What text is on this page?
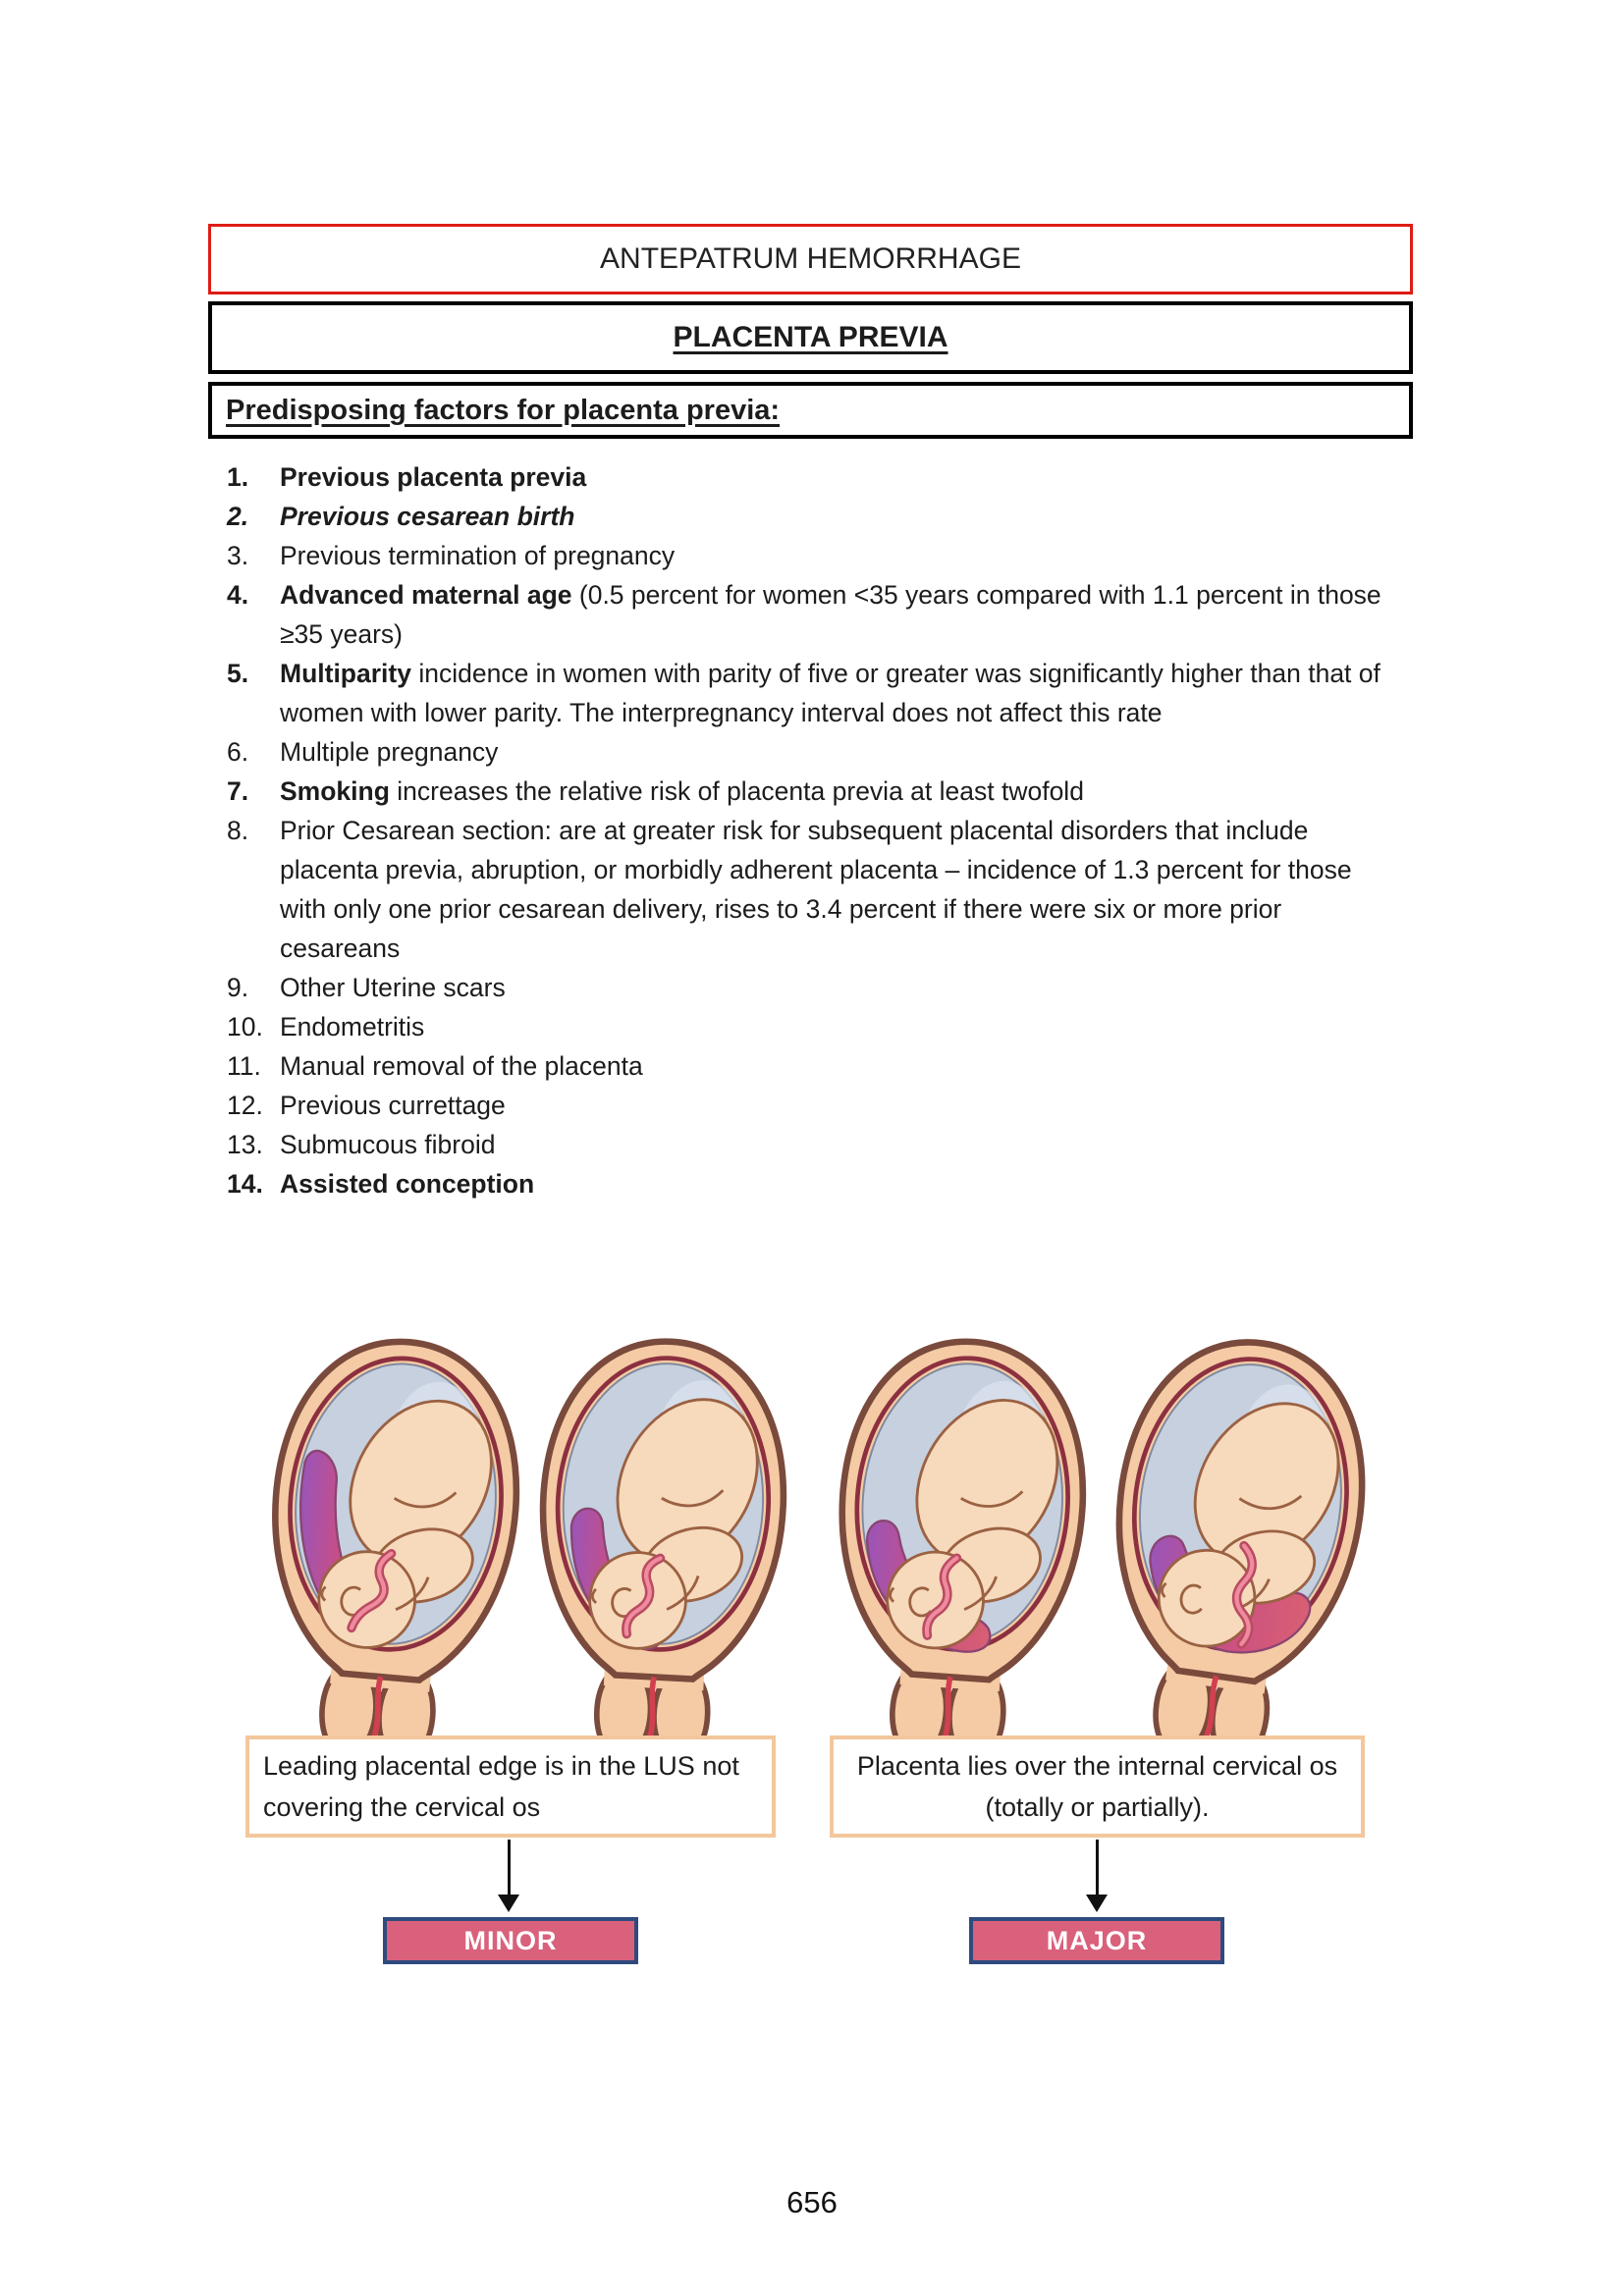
ANTEPATRUM HEMORRHAGE
PLACENTA PREVIA
Predisposing factors for placenta previa:
1.	Previous placenta previa
2.	Previous cesarean birth
3.	Previous termination of pregnancy
4.	Advanced maternal age (0.5 percent for women <35 years compared with 1.1 percent in those ≥35 years)
5.	Multiparity incidence in women with parity of five or greater was significantly higher than that of women with lower parity. The interpregnancy interval does not affect this rate
6.	Multiple pregnancy
7.	Smoking increases the relative risk of placenta previa at least twofold
8.	Prior Cesarean section: are at greater risk for subsequent placental disorders that include placenta previa, abruption, or morbidly adherent placenta – incidence of 1.3 percent for those with only one prior cesarean delivery, rises to 3.4 percent if there were six or more prior cesareans
9.	Other Uterine scars
10. Endometritis
11. Manual removal of the placenta
12. Previous currettage
13. Submucous fibroid
14. Assisted conception
Leading placental edge is in the LUS not covering the cervical os
Placenta lies over the internal cervical os (totally or partially).
MINOR	MAJOR
656
